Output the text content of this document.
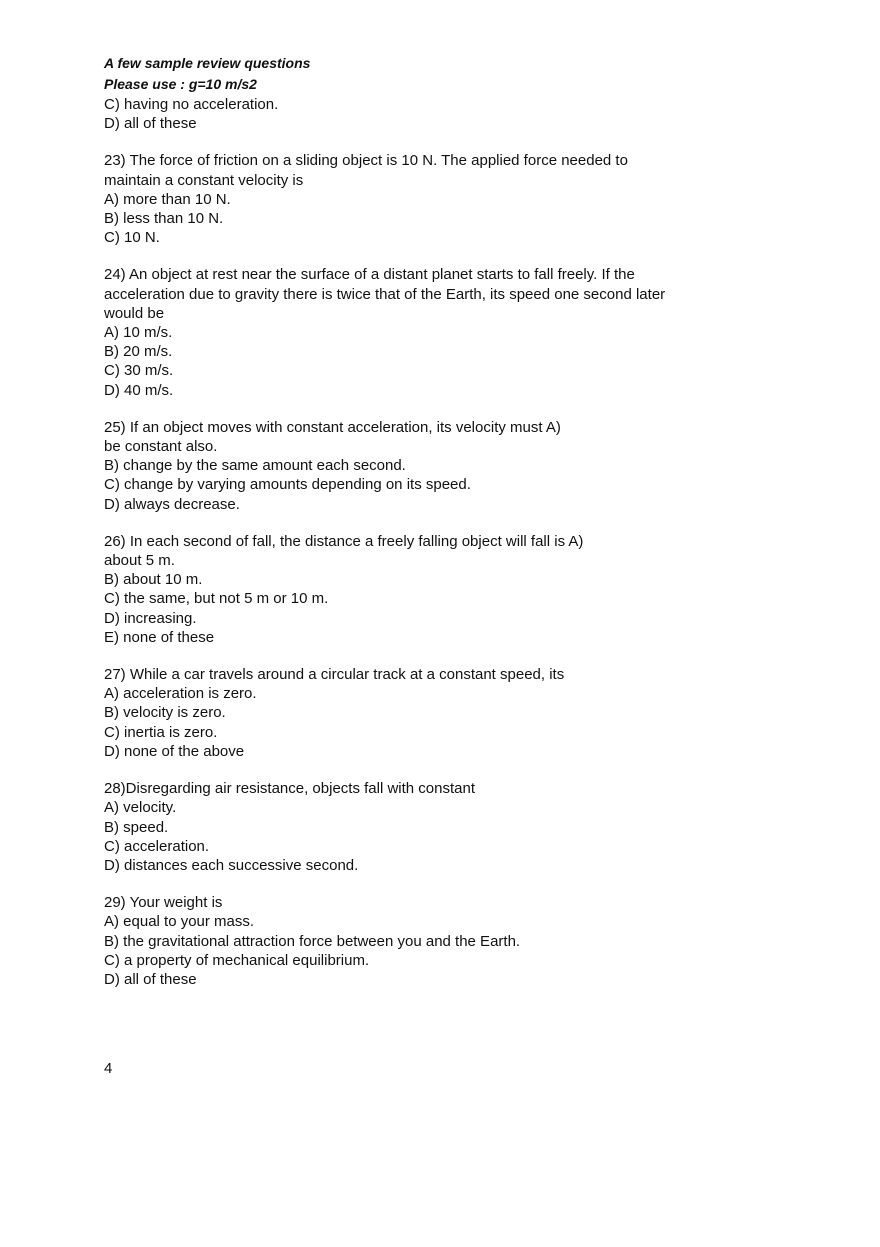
A few sample review questions

Please use : g=10 m/s2

C) having no acceleration.

D) all of these

23) The force of friction on a sliding object is 10 N. The applied force needed to

maintain a constant velocity is

A) more than 10 N.

B) less than 10 N.

C) 10 N.

24) An object at rest near the surface of a distant planet starts to fall freely. If the

acceleration due to gravity there is twice that of the Earth, its speed one second later

would be

A) 10 m/s.

B) 20 m/s.

C) 30 m/s.

D) 40 m/s.

25) If an object moves with constant acceleration, its velocity must A)

be constant also.

B) change by the same amount each second.

C) change by varying amounts depending on its speed.

D) always decrease.

26) In each second of fall, the distance a freely falling object will fall is A)

about 5 m.

B) about 10 m.

C) the same, but not 5 m or 10 m.

D) increasing.

E) none of these

27) While a car travels around a circular track at a constant speed, its

A) acceleration is zero.

B) velocity is zero.

C) inertia is zero.

D) none of the above

28)Disregarding air resistance, objects fall with constant

A) velocity.

B) speed.

C) acceleration.

D) distances each successive second.

29) Your weight is

A) equal to your mass.

B) the gravitational attraction force between you and the Earth.

C) a property of mechanical equilibrium.

D) all of these

4
